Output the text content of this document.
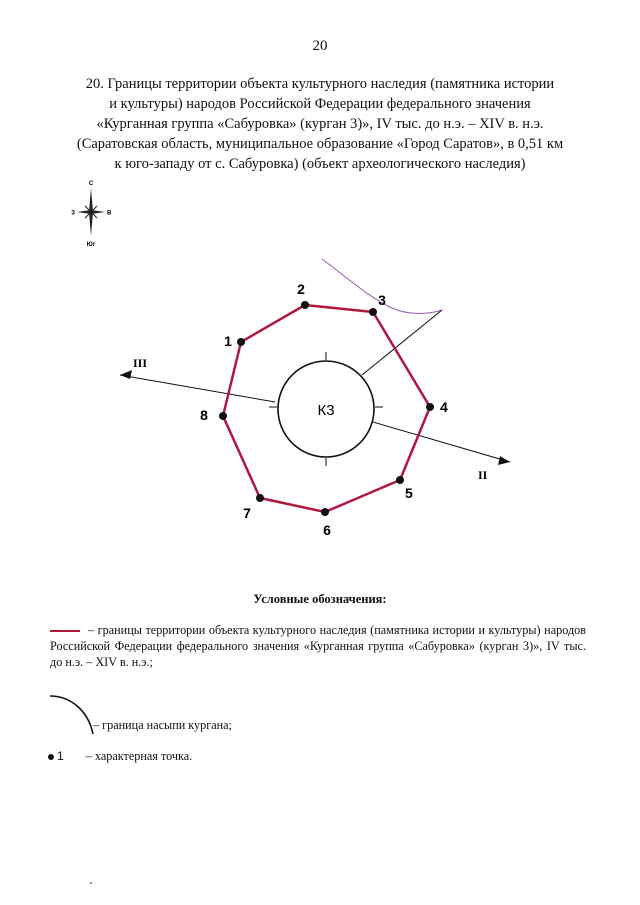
20
20. Границы территории объекта культурного наследия (памятника истории
и культуры) народов Российской Федерации федерального значения
«Курганная группа «Сабуровка» (курган 3)», IV тыс. до н.э. – XIV в. н.э.
(Саратовская область, муниципальное образование «Город Саратов», в 0,51 км
к юго-западу от с. Сабуровка) (объект археологического наследия)
С
З	В
Юг
К3
1
2
3
4
5
6
7
8
III
II
Условные обозначения:
– границы территории объекта культурного наследия (памятника истории и культуры) народов Российской Федерации федерального значения «Курганная группа «Сабуровка» (курган 3)», IV тыс. до н.э. – XIV в. н.э.;
– граница насыпи кургана;
1 – характерная точка.
